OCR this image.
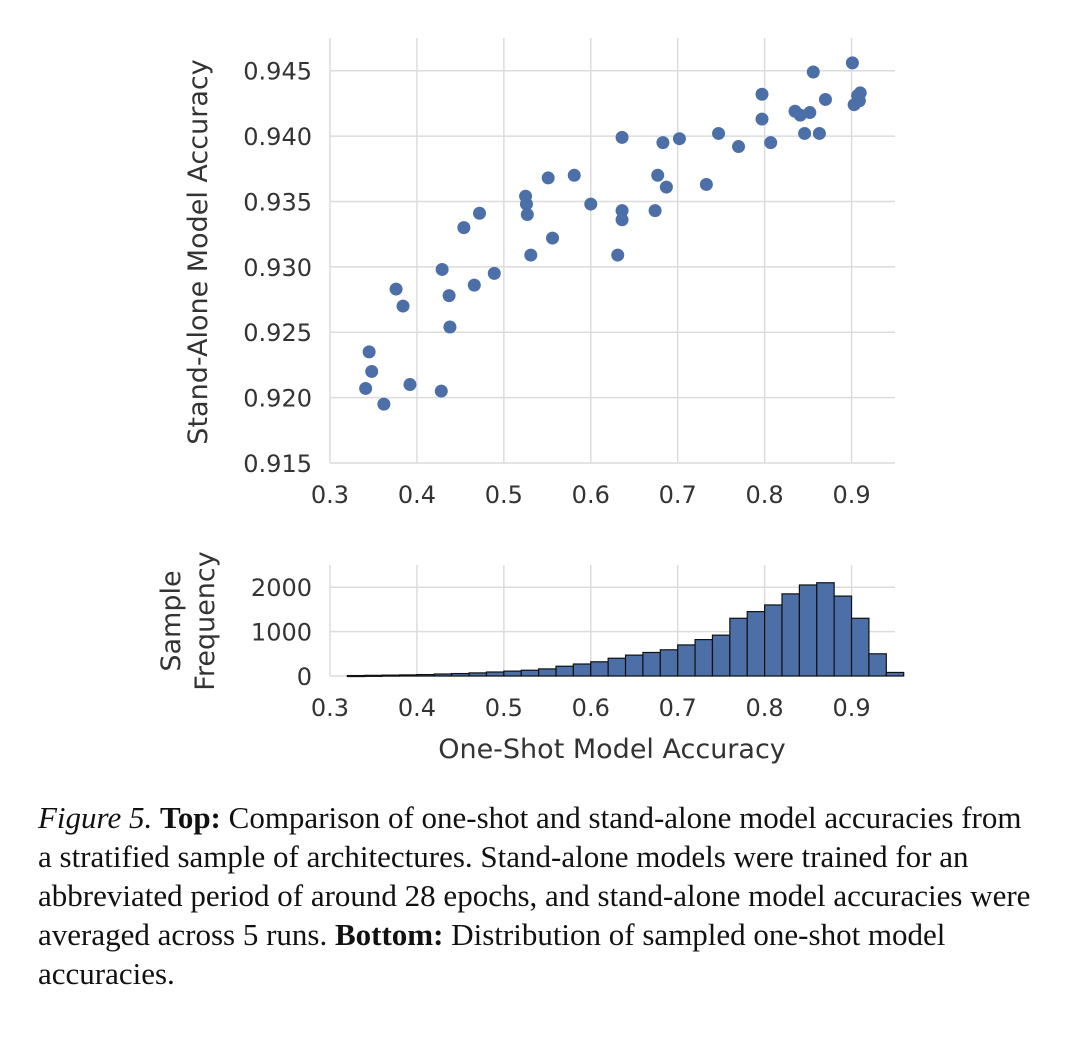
0.3 0.4 0.5 0.6 0.7 0.8 0.9
0.915
0.920
0.925
0.930
0.935
0.940
0.945
Stand-Alone Model Accuracy
0.3 0.4 0.5 0.6 0.7 0.8 0.9
0
1000
2000
Sample Frequency
One-Shot Model Accuracy

Figure 5. Top: Comparison of one-shot and stand-alone model accuracies from a stratified sample of architectures. Stand-alone models were trained for an abbreviated period of around 28 epochs, and stand-alone model accuracies were averaged across 5 runs. Bottom: Distribution of sampled one-shot model accuracies.
